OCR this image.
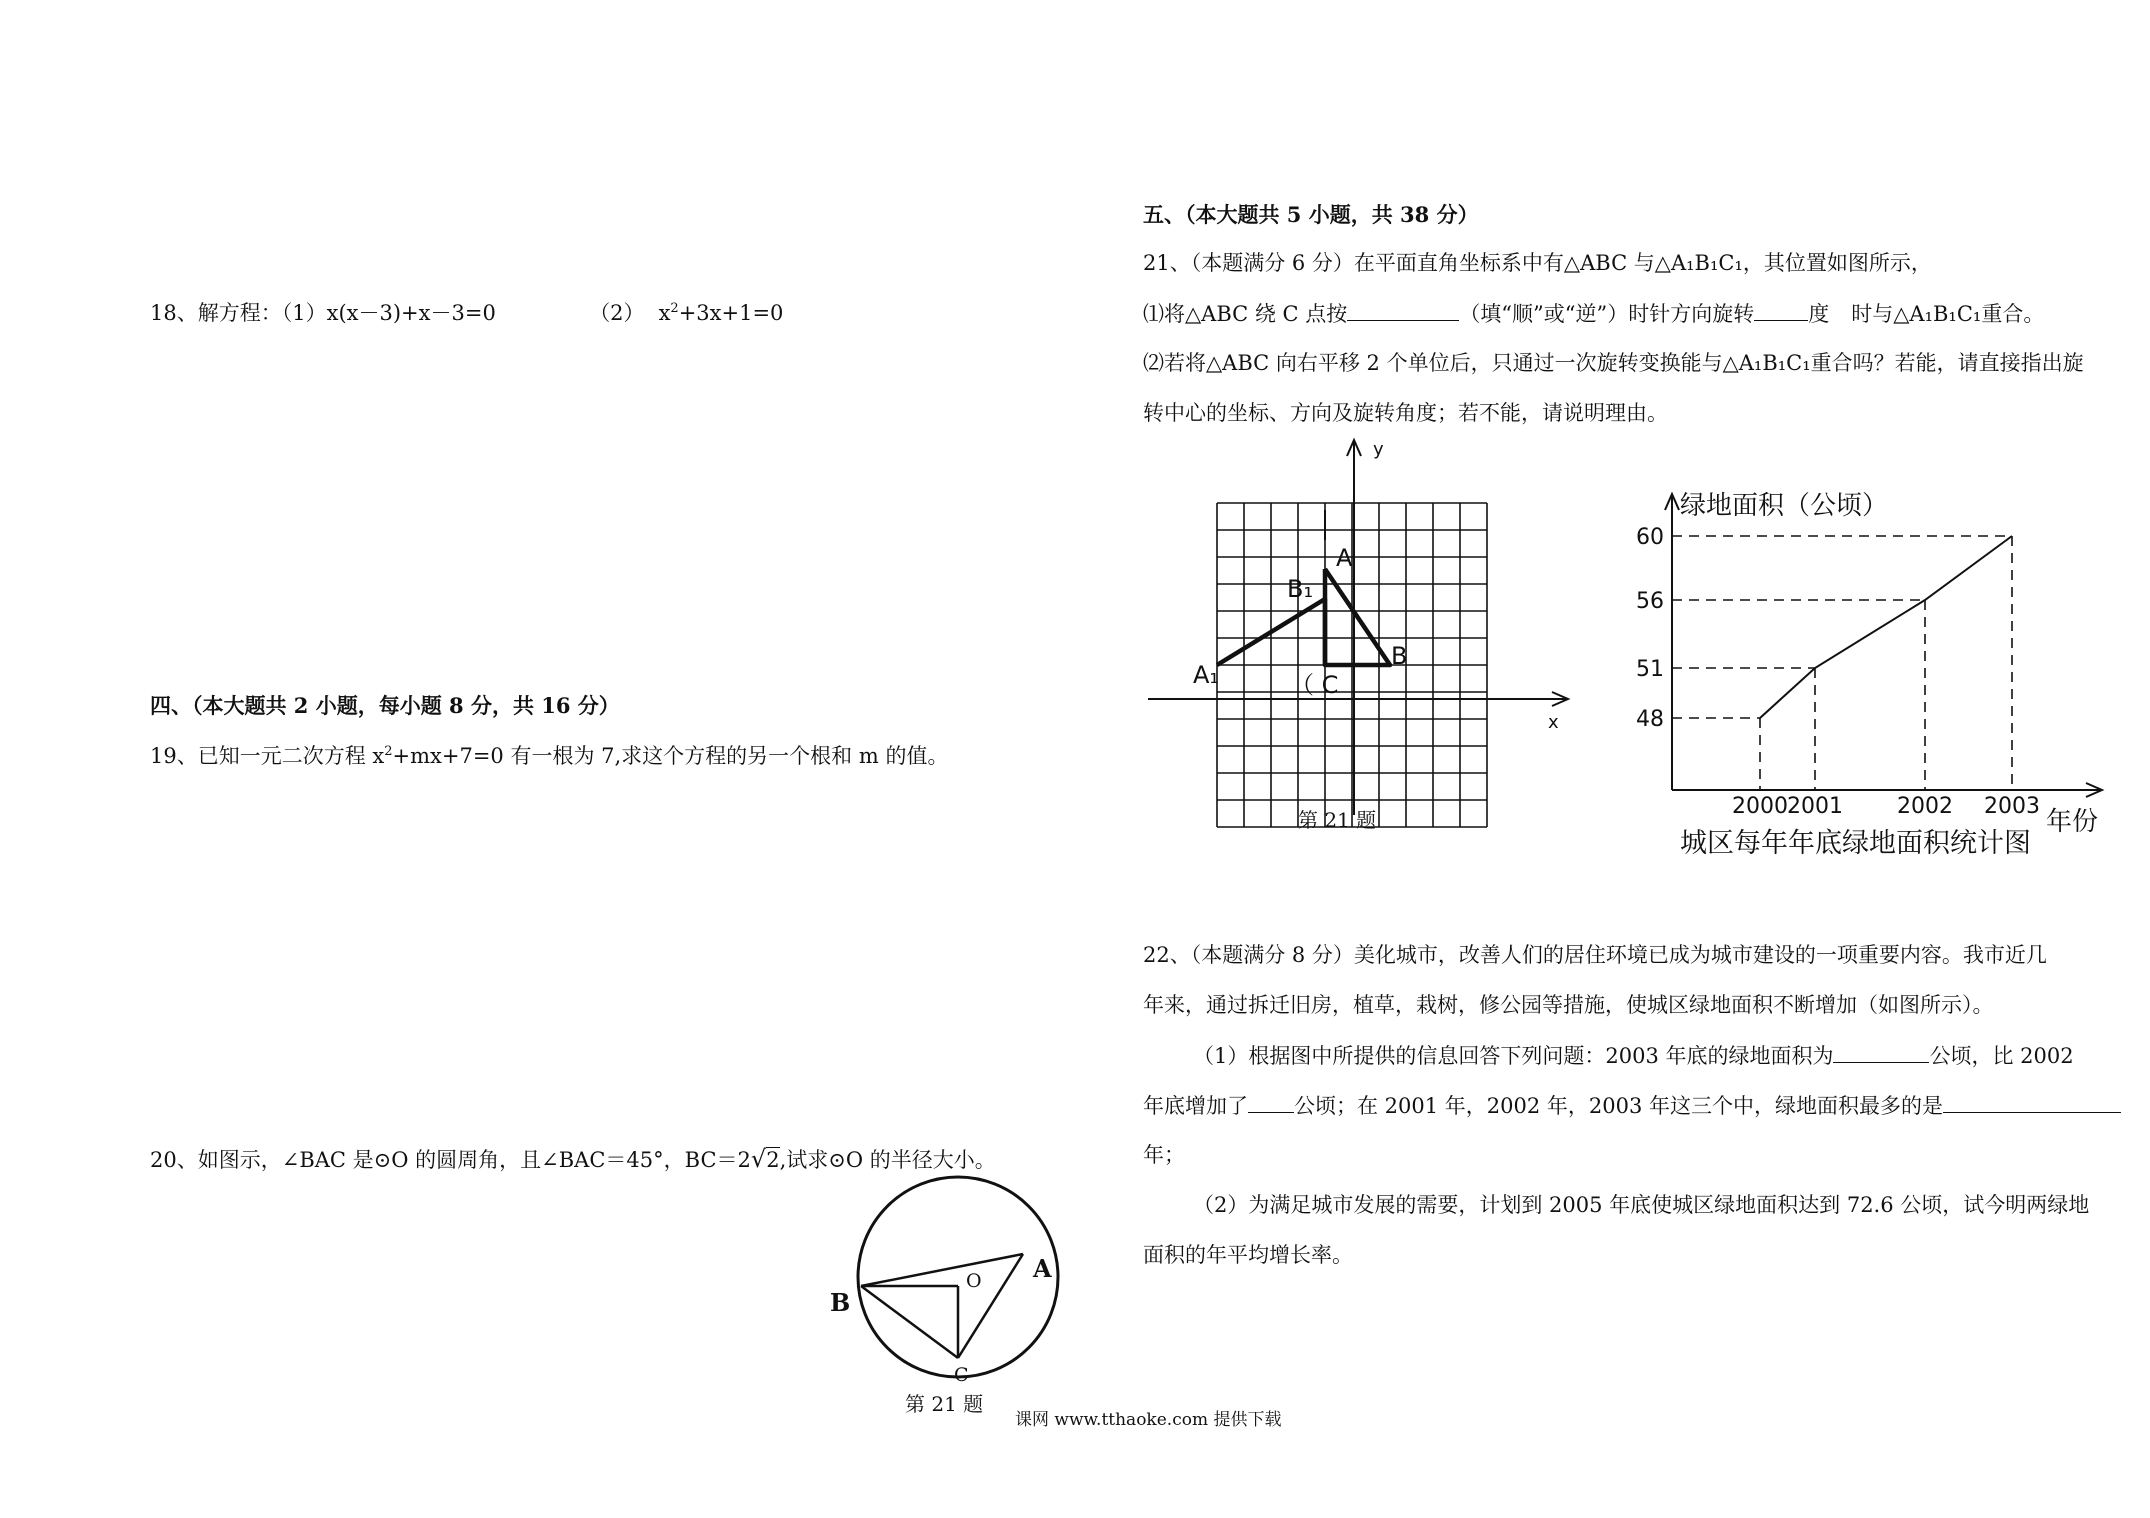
18、解方程：（1）x(x－3)+x－3=0	（2） $x^2+3x+1=0$
四、（本大题共 2 小题，每小题 8 分，共 16 分）
19、已知一元二次方程 $x^2+mx+7=0$ 有一根为 7,求这个方程的另一个根和 m 的值。
20、如图示，∠BAC 是⊙O 的圆周角，且∠BAC＝45°，BC＝2√2,试求⊙O 的半径大小。
B
A
O
C
第 21 题
课网 www.tthaoke.com 提供下载
五、（本大题共 5 小题，共 38 分）
21、（本题满分 6 分）在平面直角坐标系中有△ABC 与△A₁B₁C₁，其位置如图所示，
⑴将△ABC 绕 C 点按	（填“顺”或“逆”）时针方向旋转	度 时与△A₁B₁C₁重合。
⑵若将△ABC 向右平移 2 个单位后，只通过一次旋转变换能与△A₁B₁C₁重合吗？若能，请直接指出旋
转中心的坐标、方向及旋转角度；若不能，请说明理由。
y
x
A
B₁
B
A₁	（ C
第 21 题
48
51
56
60
2000 2001 2002 2003
绿地面积（公顷）
年份
城区每年年底绿地面积统计图
22、（本题满分 8 分）美化城市，改善人们的居住环境已成为城市建设的一项重要内容。我市近几
年来，通过拆迁旧房，植草，栽树，修公园等措施，使城区绿地面积不断增加（如图所示）。
（1）根据图中所提供的信息回答下列问题：2003 年底的绿地面积为	公顷，比 2002
年底增加了 公顷；在 2001 年，2002 年，2003 年这三个中，绿地面积最多的是
年；
（2）为满足城市发展的需要，计划到 2005 年底使城区绿地面积达到 72.6 公顷，试今明两绿地
面积的年平均增长率。
